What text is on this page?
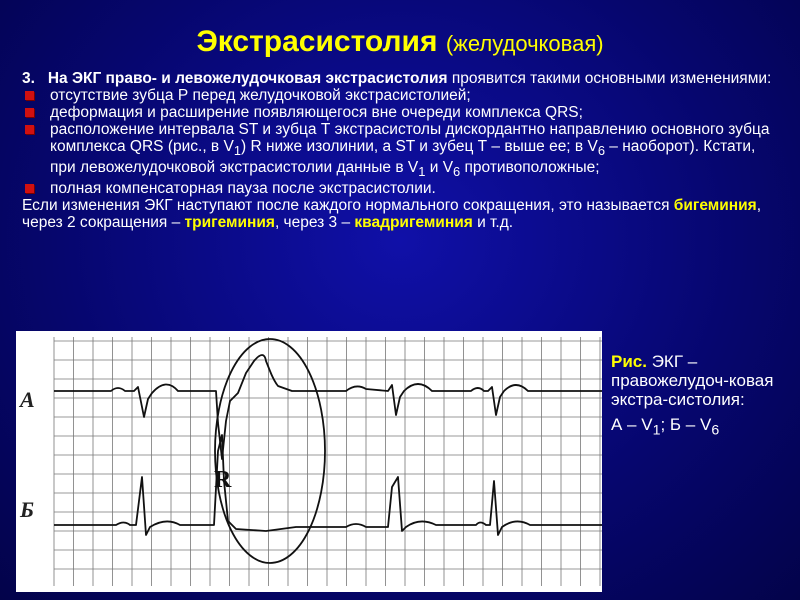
Экстрасистолия (желудочковая)

3. На ЭКГ право- и левожелудочковая экстрасистолия проявится такими основными изменениями:

отсутствие зубца Р перед желудочковой экстрасистолией;

деформация и расширение появляющегося вне очереди комплекса QRS;

расположение интервала ST и зубца Т экстрасистолы дискордантно направлению основного зубца комплекса QRS (рис., в $V_1$) R ниже изолинии, а ST и зубец Т – выше ее; в $V_6$ – наоборот). Кстати, при левожелудочковой экстрасистолии данные в $V_1$ и $V_6$ противоположные;

полная компенсаторная пауза после экстрасистолии.

Если изменения ЭКГ наступают после каждого нормального сокращения, это называется бигеминия, через 2 сокращения – тригеминия, через 3 – квадригеминия и т.д.

А
Б
R
Рис. ЭКГ – правожелудоч-ковая экстра-систолия:
А – $V_1$; Б – $V_6$
